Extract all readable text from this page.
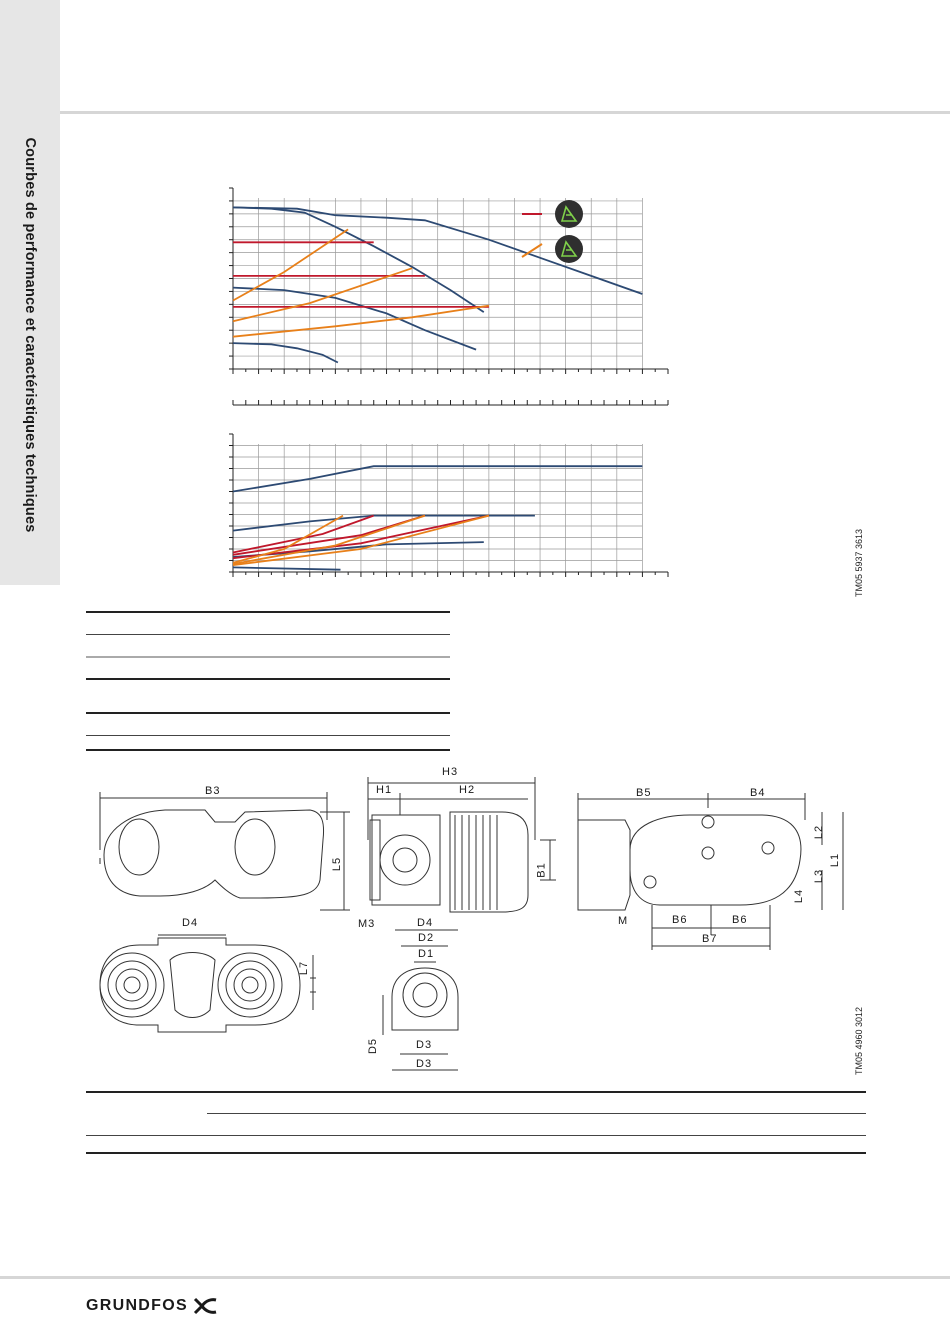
Courbes de performance et caractéristiques techniques
TM05 5937 3613
B3
L5
D4
L7
H3
H1	H2
B1
M3	D4
D2
D1
D5	D3
D3
B5	B4
L2
L1
L3
L4
M	B6	B6
B7
TM05 4960 3012
GRUNDFOS
